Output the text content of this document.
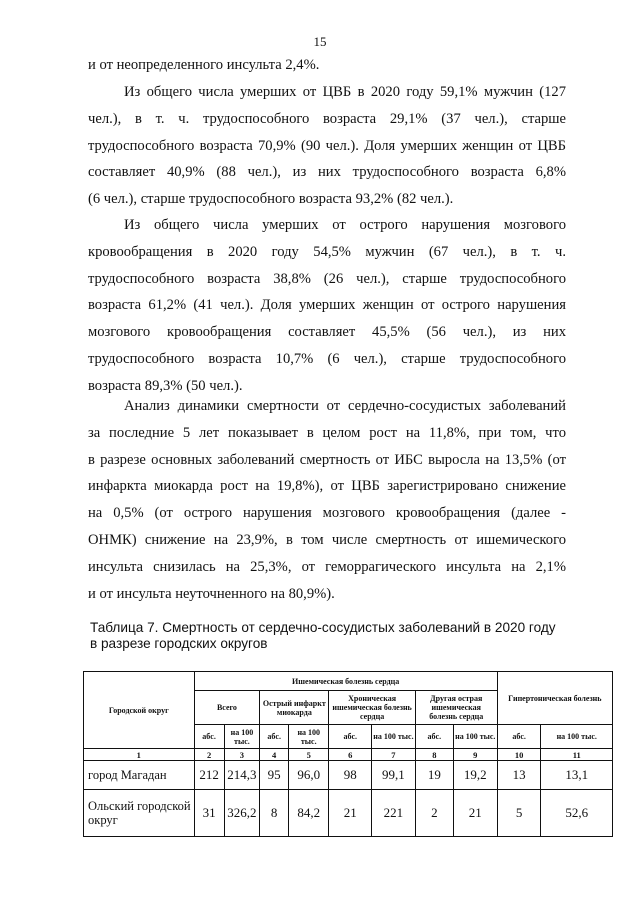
15
и от неопределенного инсульта 2,4%.
Из общего числа умерших от ЦВБ в 2020 году 59,1% мужчин (127
чел.), в т. ч. трудоспособного возраста 29,1% (37 чел.), старше
трудоспособного возраста 70,9% (90 чел.). Доля умерших женщин от ЦВБ
составляет 40,9% (88 чел.), из них трудоспособного возраста 6,8%
(6 чел.), старше трудоспособного возраста 93,2% (82 чел.).
Из общего числа умерших от острого нарушения мозгового
кровообращения в 2020 году 54,5% мужчин (67 чел.), в т. ч.
трудоспособного возраста 38,8% (26 чел.), старше трудоспособного
возраста 61,2% (41 чел.). Доля умерших женщин от острого нарушения
мозгового кровообращения составляет 45,5% (56 чел.), из них
трудоспособного возраста 10,7% (6 чел.), старше трудоспособного
возраста 89,3% (50 чел.).
Анализ динамики смертности от сердечно-сосудистых заболеваний
за последние 5 лет показывает в целом рост на 11,8%, при том, что
в разрезе основных заболеваний смертность от ИБС выросла на 13,5% (от
инфаркта миокарда рост на 19,8%), от ЦВБ зарегистрировано снижение
на 0,5% (от острого нарушения мозгового кровообращения (далее -
ОНМК) снижение на 23,9%, в том числе смертность от ишемического
инсульта снизилась на 25,3%, от геморрагического инсульта на 2,1%
и от инсульта неуточненного на 80,9%).
Таблица 7. Смертность от сердечно-сосудистых заболеваний в 2020 году
в разрезе городских округов
Городской округ	Ишемическая болезнь сердца								Гипертоническая болезнь	
	Всего		Острый инфаркт миокарда		Хроническая ишемическая болезнь сердца		Другая острая ишемическая болезнь сердца			
	абс.	на 100 тыс.	абс.	на 100 тыс.	абс.	на 100 тыс.	абс.	на 100 тыс.	абс.	на 100 тыс.
1	2	3	4	5	6	7	8	9	10	11
город Магадан	212	214,3	95	96,0	98	99,1	19	19,2	13	13,1
Ольский городской округ	31	326,2	8	84,2	21	221	2	21	5	52,6
